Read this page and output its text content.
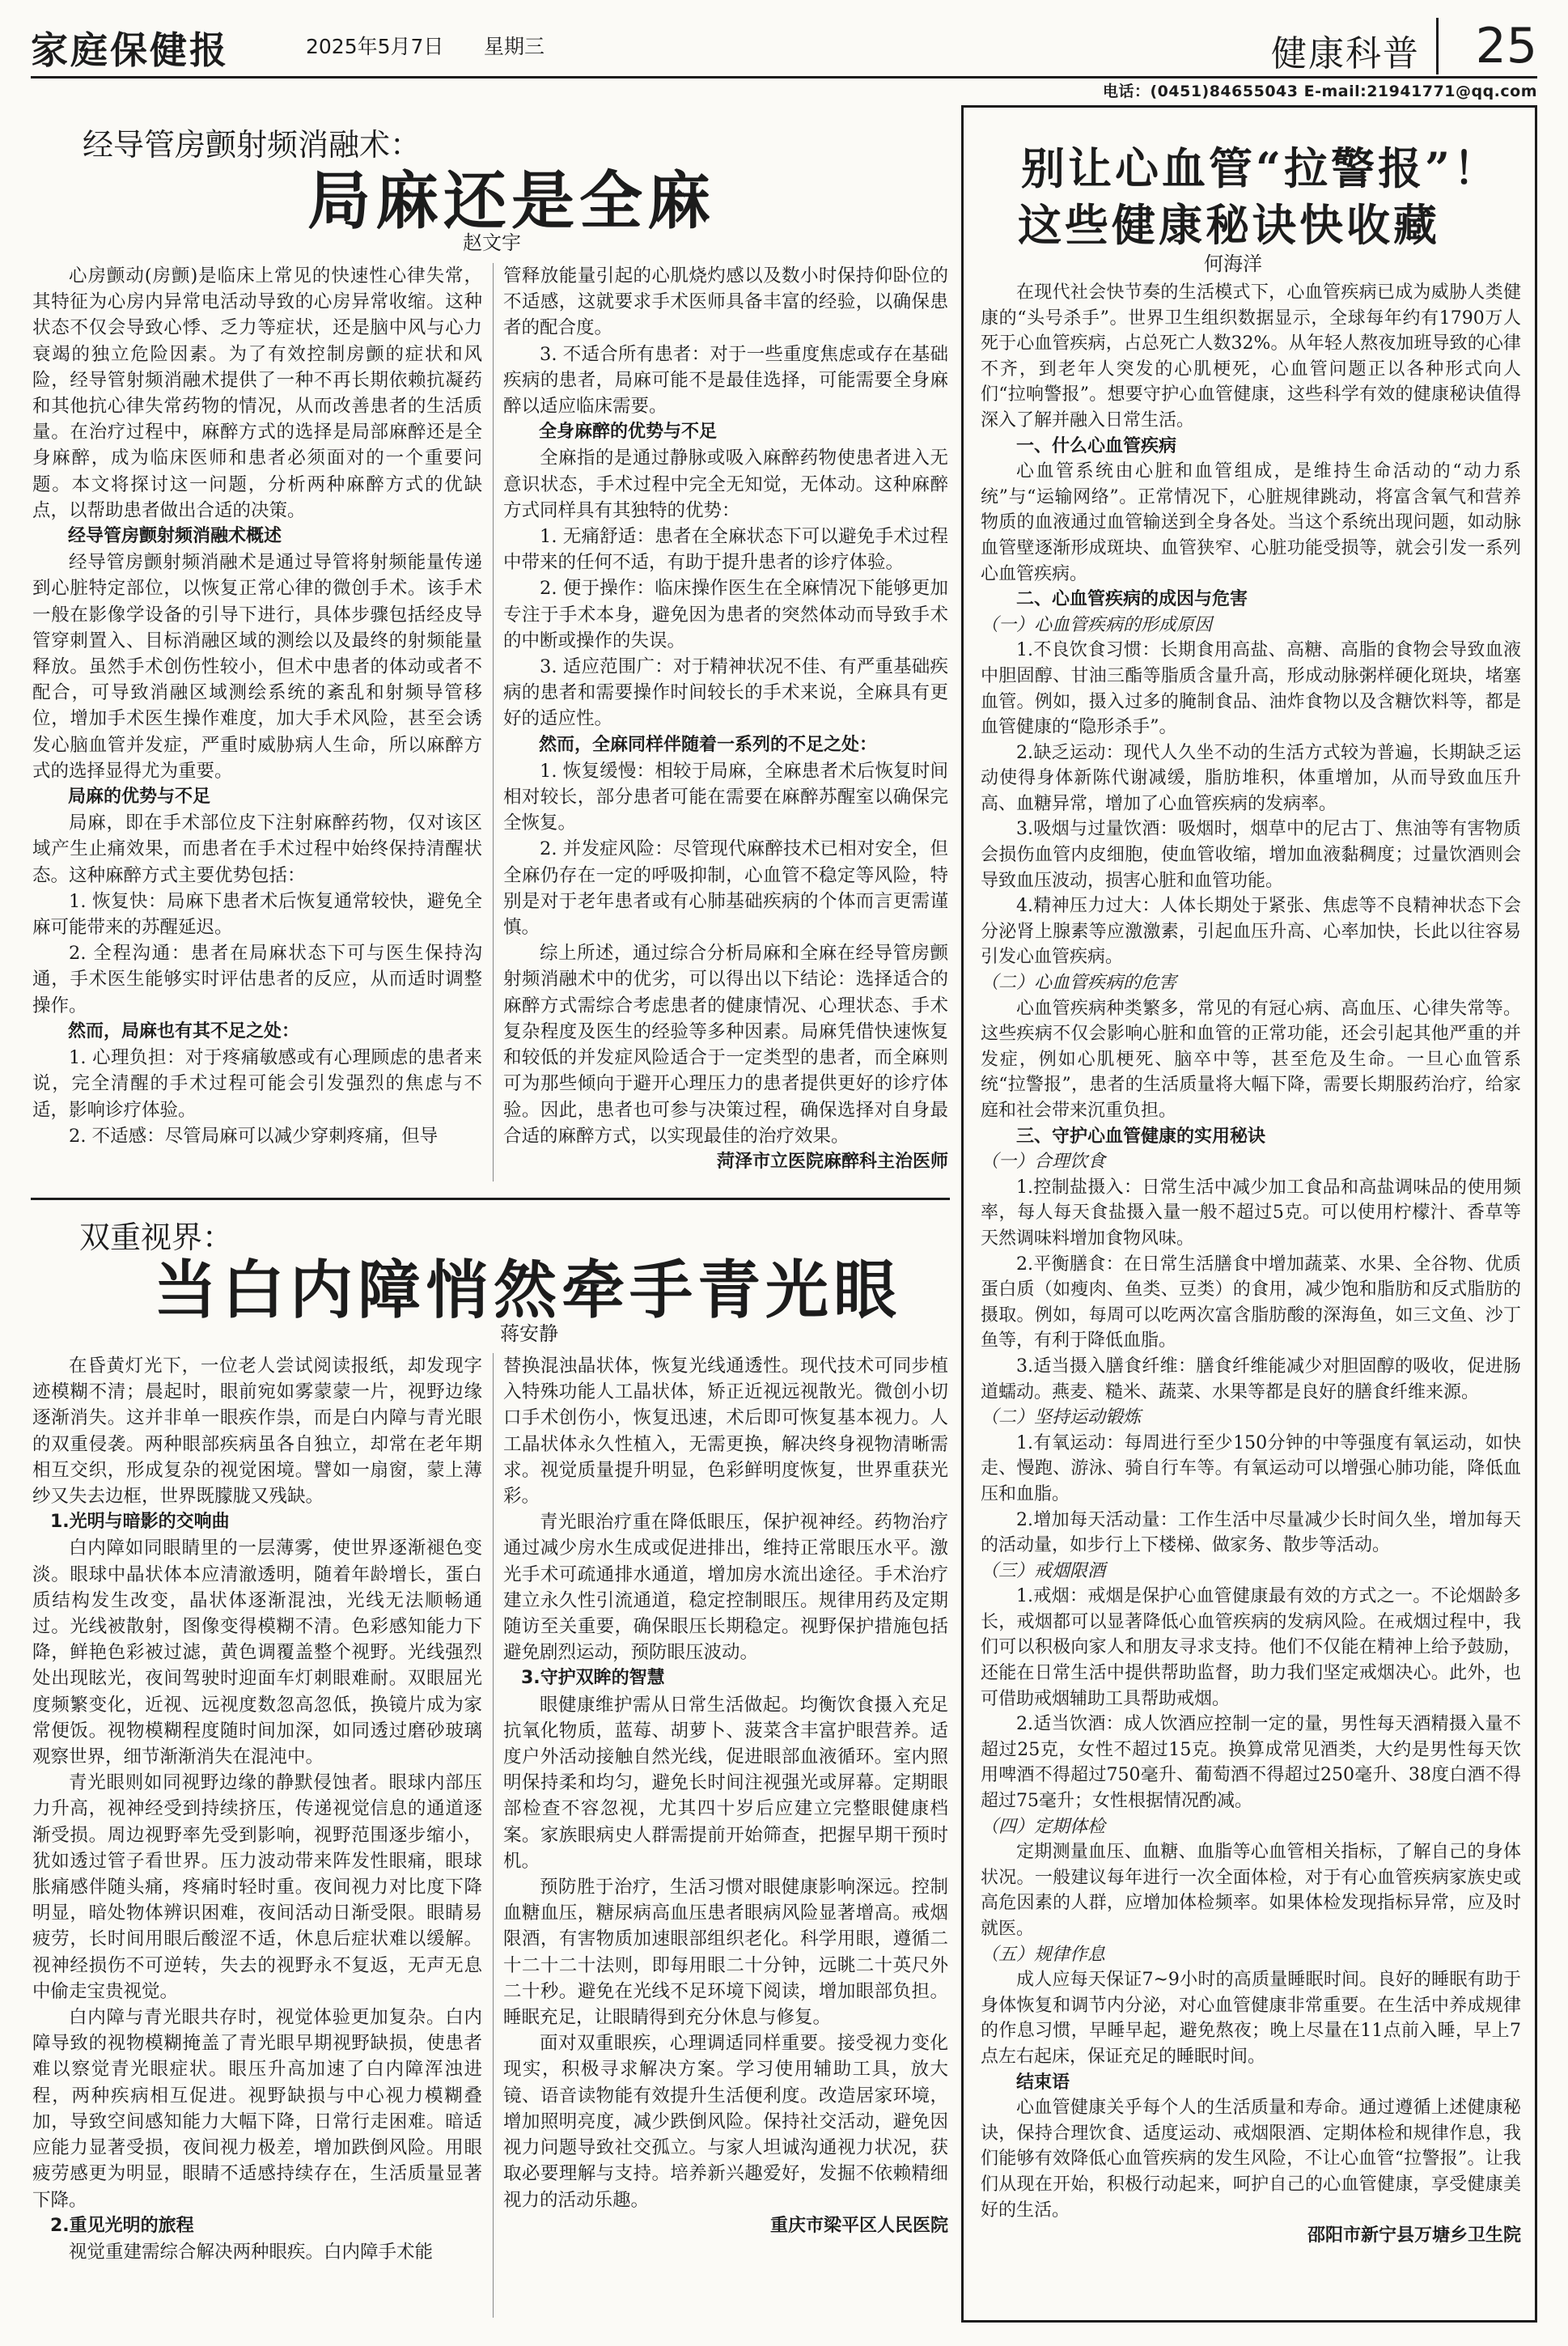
家庭保健报	2025年5月7日 星期三	健康科普 25
电话：(0451)84655043 E-mail:21941771@qq.com
经导管房颤射频消融术：
局麻还是全麻
赵文宇

心房颤动(房颤)是临床上常见的快速性心律失常，其特征为心房内异常电活动导致的心房异常收缩。这种状态不仅会导致心悸、乏力等症状，还是脑中风与心力衰竭的独立危险因素。为了有效控制房颤的症状和风险，经导管射频消融术提供了一种不再长期依赖抗凝药和其他抗心律失常药物的情况，从而改善患者的生活质量。在治疗过程中，麻醉方式的选择是局部麻醉还是全身麻醉，成为临床医师和患者必须面对的一个重要问题。本文将探讨这一问题，分析两种麻醉方式的优缺点，以帮助患者做出合适的决策。

经导管房颤射频消融术概述

经导管房颤射频消融术是通过导管将射频能量传递到心脏特定部位，以恢复正常心律的微创手术。该手术一般在影像学设备的引导下进行，具体步骤包括经皮导管穿刺置入、目标消融区域的测绘以及最终的射频能量释放。虽然手术创伤性较小，但术中患者的体动或者不配合，可导致消融区域测绘系统的紊乱和射频导管移位，增加手术医生操作难度，加大手术风险，甚至会诱发心脑血管并发症，严重时威胁病人生命，所以麻醉方式的选择显得尤为重要。

局麻的优势与不足

局麻，即在手术部位皮下注射麻醉药物，仅对该区域产生止痛效果，而患者在手术过程中始终保持清醒状态。这种麻醉方式主要优势包括：

1. 恢复快：局麻下患者术后恢复通常较快，避免全麻可能带来的苏醒延迟。

2. 全程沟通：患者在局麻状态下可与医生保持沟通，手术医生能够实时评估患者的反应，从而适时调整操作。

然而，局麻也有其不足之处：

1. 心理负担：对于疼痛敏感或有心理顾虑的患者来说，完全清醒的手术过程可能会引发强烈的焦虑与不适，影响诊疗体验。

2. 不适感：尽管局麻可以减少穿刺疼痛，但导

管释放能量引起的心肌烧灼感以及数小时保持仰卧位的不适感，这就要求手术医师具备丰富的经验，以确保患者的配合度。

3. 不适合所有患者：对于一些重度焦虑或存在基础疾病的患者，局麻可能不是最佳选择，可能需要全身麻醉以适应临床需要。

全身麻醉的优势与不足

全麻指的是通过静脉或吸入麻醉药物使患者进入无意识状态，手术过程中完全无知觉，无体动。这种麻醉方式同样具有其独特的优势：

1. 无痛舒适：患者在全麻状态下可以避免手术过程中带来的任何不适，有助于提升患者的诊疗体验。

2. 便于操作：临床操作医生在全麻情况下能够更加专注于手术本身，避免因为患者的突然体动而导致手术的中断或操作的失误。

3. 适应范围广：对于精神状况不佳、有严重基础疾病的患者和需要操作时间较长的手术来说，全麻具有更好的适应性。

然而，全麻同样伴随着一系列的不足之处：

1. 恢复缓慢：相较于局麻，全麻患者术后恢复时间相对较长，部分患者可能在需要在麻醉苏醒室以确保完全恢复。

2. 并发症风险：尽管现代麻醉技术已相对安全，但全麻仍存在一定的呼吸抑制，心血管不稳定等风险，特别是对于老年患者或有心肺基础疾病的个体而言更需谨慎。

综上所述，通过综合分析局麻和全麻在经导管房颤射频消融术中的优劣，可以得出以下结论：选择适合的麻醉方式需综合考虑患者的健康情况、心理状态、手术复杂程度及医生的经验等多种因素。局麻凭借快速恢复和较低的并发症风险适合于一定类型的患者，而全麻则可为那些倾向于避开心理压力的患者提供更好的诊疗体验。因此，患者也可参与决策过程，确保选择对自身最合适的麻醉方式，以实现最佳的治疗效果。

菏泽市立医院麻醉科主治医师

双重视界：
当白内障悄然牵手青光眼
蒋安静

在昏黄灯光下，一位老人尝试阅读报纸，却发现字迹模糊不清；晨起时，眼前宛如雾蒙蒙一片，视野边缘逐渐消失。这并非单一眼疾作祟，而是白内障与青光眼的双重侵袭。两种眼部疾病虽各自独立，却常在老年期相互交织，形成复杂的视觉困境。譬如一扇窗，蒙上薄纱又失去边框，世界既朦胧又残缺。

1.光明与暗影的交响曲

白内障如同眼睛里的一层薄雾，使世界逐渐褪色变淡。眼球中晶状体本应清澈透明，随着年龄增长，蛋白质结构发生改变，晶状体逐渐混浊，光线无法顺畅通过。光线被散射，图像变得模糊不清。色彩感知能力下降，鲜艳色彩被过滤，黄色调覆盖整个视野。光线强烈处出现眩光，夜间驾驶时迎面车灯刺眼难耐。双眼屈光度频繁变化，近视、远视度数忽高忽低，换镜片成为家常便饭。视物模糊程度随时间加深，如同透过磨砂玻璃观察世界，细节渐渐消失在混沌中。

青光眼则如同视野边缘的静默侵蚀者。眼球内部压力升高，视神经受到持续挤压，传递视觉信息的通道逐渐受损。周边视野率先受到影响，视野范围逐步缩小，犹如透过管子看世界。压力波动带来阵发性眼痛，眼球胀痛感伴随头痛，疼痛时轻时重。夜间视力对比度下降明显，暗处物体辨识困难，夜间活动日渐受限。眼睛易疲劳，长时间用眼后酸涩不适，休息后症状难以缓解。视神经损伤不可逆转，失去的视野永不复返，无声无息中偷走宝贵视觉。

白内障与青光眼共存时，视觉体验更加复杂。白内障导致的视物模糊掩盖了青光眼早期视野缺损，使患者难以察觉青光眼症状。眼压升高加速了白内障浑浊进程，两种疾病相互促进。视野缺损与中心视力模糊叠加，导致空间感知能力大幅下降，日常行走困难。暗适应能力显著受损，夜间视力极差，增加跌倒风险。用眼疲劳感更为明显，眼睛不适感持续存在，生活质量显著下降。

2.重见光明的旅程

视觉重建需综合解决两种眼疾。白内障手术能

替换混浊晶状体，恢复光线通透性。现代技术可同步植入特殊功能人工晶状体，矫正近视远视散光。微创小切口手术创伤小，恢复迅速，术后即可恢复基本视力。人工晶状体永久性植入，无需更换，解决终身视物清晰需求。视觉质量提升明显，色彩鲜明度恢复，世界重获光彩。

青光眼治疗重在降低眼压，保护视神经。药物治疗通过减少房水生成或促进排出，维持正常眼压水平。激光手术可疏通排水通道，增加房水流出途径。手术治疗建立永久性引流通道，稳定控制眼压。规律用药及定期随访至关重要，确保眼压长期稳定。视野保护措施包括避免剧烈运动，预防眼压波动。

3.守护双眸的智慧

眼健康维护需从日常生活做起。均衡饮食摄入充足抗氧化物质，蓝莓、胡萝卜、菠菜含丰富护眼营养。适度户外活动接触自然光线，促进眼部血液循环。室内照明保持柔和均匀，避免长时间注视强光或屏幕。定期眼部检查不容忽视，尤其四十岁后应建立完整眼健康档案。家族眼病史人群需提前开始筛查，把握早期干预时机。

预防胜于治疗，生活习惯对眼健康影响深远。控制血糖血压，糖尿病高血压患者眼病风险显著增高。戒烟限酒，有害物质加速眼部组织老化。科学用眼，遵循二十二十二十法则，即每用眼二十分钟，远眺二十英尺外二十秒。避免在光线不足环境下阅读，增加眼部负担。睡眠充足，让眼睛得到充分休息与修复。

面对双重眼疾，心理调适同样重要。接受视力变化现实，积极寻求解决方案。学习使用辅助工具，放大镜、语音读物能有效提升生活便利度。改造居家环境，增加照明亮度，减少跌倒风险。保持社交活动，避免因视力问题导致社交孤立。与家人坦诚沟通视力状况，获取必要理解与支持。培养新兴趣爱好，发掘不依赖精细视力的活动乐趣。

重庆市梁平区人民医院

别让心血管“拉警报”！
这些健康秘诀快收藏
何海洋

在现代社会快节奏的生活模式下，心血管疾病已成为威胁人类健康的“头号杀手”。世界卫生组织数据显示，全球每年约有1790万人死于心血管疾病，占总死亡人数32%。从年轻人熬夜加班导致的心律不齐，到老年人突发的心肌梗死，心血管问题正以各种形式向人们“拉响警报”。想要守护心血管健康，这些科学有效的健康秘诀值得深入了解并融入日常生活。

一、什么心血管疾病

心血管系统由心脏和血管组成，是维持生命活动的“动力系统”与“运输网络”。正常情况下，心脏规律跳动，将富含氧气和营养物质的血液通过血管输送到全身各处。当这个系统出现问题，如动脉血管壁逐渐形成斑块、血管狭窄、心脏功能受损等，就会引发一系列心血管疾病。

二、心血管疾病的成因与危害

（一）心血管疾病的形成原因

1.不良饮食习惯：长期食用高盐、高糖、高脂的食物会导致血液中胆固醇、甘油三酯等脂质含量升高，形成动脉粥样硬化斑块，堵塞血管。例如，摄入过多的腌制食品、油炸食物以及含糖饮料等，都是血管健康的“隐形杀手”。

2.缺乏运动：现代人久坐不动的生活方式较为普遍，长期缺乏运动使得身体新陈代谢减缓，脂肪堆积，体重增加，从而导致血压升高、血糖异常，增加了心血管疾病的发病率。

3.吸烟与过量饮酒：吸烟时，烟草中的尼古丁、焦油等有害物质会损伤血管内皮细胞，使血管收缩，增加血液黏稠度；过量饮酒则会导致血压波动，损害心脏和血管功能。

4.精神压力过大：人体长期处于紧张、焦虑等不良精神状态下会分泌肾上腺素等应激激素，引起血压升高、心率加快，长此以往容易引发心血管疾病。

（二）心血管疾病的危害

心血管疾病种类繁多，常见的有冠心病、高血压、心律失常等。这些疾病不仅会影响心脏和血管的正常功能，还会引起其他严重的并发症，例如心肌梗死、脑卒中等，甚至危及生命。一旦心血管系统“拉警报”，患者的生活质量将大幅下降，需要长期服药治疗，给家庭和社会带来沉重负担。

三、守护心血管健康的实用秘诀

（一）合理饮食

1.控制盐摄入：日常生活中减少加工食品和高盐调味品的使用频率，每人每天食盐摄入量一般不超过5克。可以使用柠檬汁、香草等天然调味料增加食物风味。

2.平衡膳食：在日常生活膳食中增加蔬菜、水果、全谷物、优质蛋白质（如瘦肉、鱼类、豆类）的食用，减少饱和脂肪和反式脂肪的摄取。例如，每周可以吃两次富含脂肪酸的深海鱼，如三文鱼、沙丁鱼等，有利于降低血脂。

3.适当摄入膳食纤维：膳食纤维能减少对胆固醇的吸收，促进肠道蠕动。燕麦、糙米、蔬菜、水果等都是良好的膳食纤维来源。

（二）坚持运动锻炼

1.有氧运动：每周进行至少150分钟的中等强度有氧运动，如快走、慢跑、游泳、骑自行车等。有氧运动可以增强心肺功能，降低血压和血脂。

2.增加每天活动量：工作生活中尽量减少长时间久坐，增加每天的活动量，如步行上下楼梯、做家务、散步等活动。

（三）戒烟限酒

1.戒烟：戒烟是保护心血管健康最有效的方式之一。不论烟龄多长，戒烟都可以显著降低心血管疾病的发病风险。在戒烟过程中，我们可以积极向家人和朋友寻求支持。他们不仅能在精神上给予鼓励，还能在日常生活中提供帮助监督，助力我们坚定戒烟决心。此外，也可借助戒烟辅助工具帮助戒烟。

2.适当饮酒：成人饮酒应控制一定的量，男性每天酒精摄入量不超过25克，女性不超过15克。换算成常见酒类，大约是男性每天饮用啤酒不得超过750毫升、葡萄酒不得超过250毫升、38度白酒不得超过75毫升；女性根据情况酌减。

（四）定期体检

定期测量血压、血糖、血脂等心血管相关指标，了解自己的身体状况。一般建议每年进行一次全面体检，对于有心血管疾病家族史或高危因素的人群，应增加体检频率。如果体检发现指标异常，应及时就医。

（五）规律作息

成人应每天保证7~9小时的高质量睡眠时间。良好的睡眠有助于身体恢复和调节内分泌，对心血管健康非常重要。在生活中养成规律的作息习惯，早睡早起，避免熬夜；晚上尽量在11点前入睡，早上7点左右起床，保证充足的睡眠时间。

结束语

心血管健康关乎每个人的生活质量和寿命。通过遵循上述健康秘诀，保持合理饮食、适度运动、戒烟限酒、定期体检和规律作息，我们能够有效降低心血管疾病的发生风险，不让心血管“拉警报”。让我们从现在开始，积极行动起来，呵护自己的心血管健康，享受健康美好的生活。

邵阳市新宁县万塘乡卫生院
